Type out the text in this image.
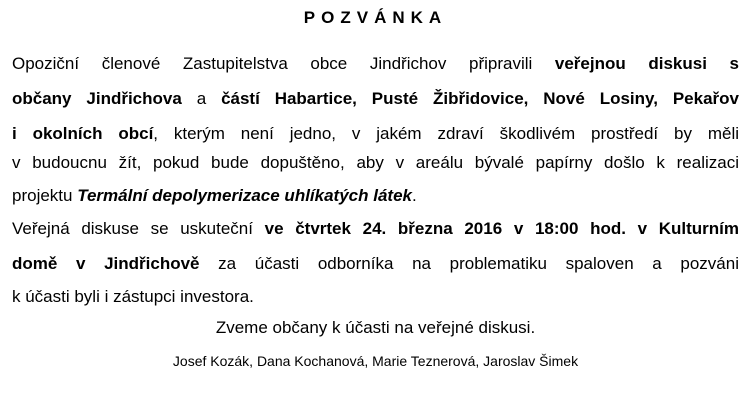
POZVÁNKA
Opoziční členové Zastupitelstva obce Jindřichov připravili veřejnou diskusi s
občany Jindřichova a částí Habartice, Pusté Žibřidovice, Nové Losiny, Pekařov
i okolních obcí, kterým není jedno, v jakém zdraví škodlivém prostředí by měli
v budoucnu žít, pokud bude dopuštěno, aby v areálu bývalé papírny došlo k realizaci
projektu Termální depolymerizace uhlíkatých látek.
Veřejná diskuse se uskuteční ve čtvrtek 24. března 2016 v 18:00 hod. v Kulturním
domě v Jindřichově za účasti odborníka na problematiku spaloven a pozváni
k účasti byli i zástupci investora.
Zveme občany k účasti na veřejné diskusi.
Josef Kozák, Dana Kochanová, Marie Teznerová, Jaroslav Šimek
